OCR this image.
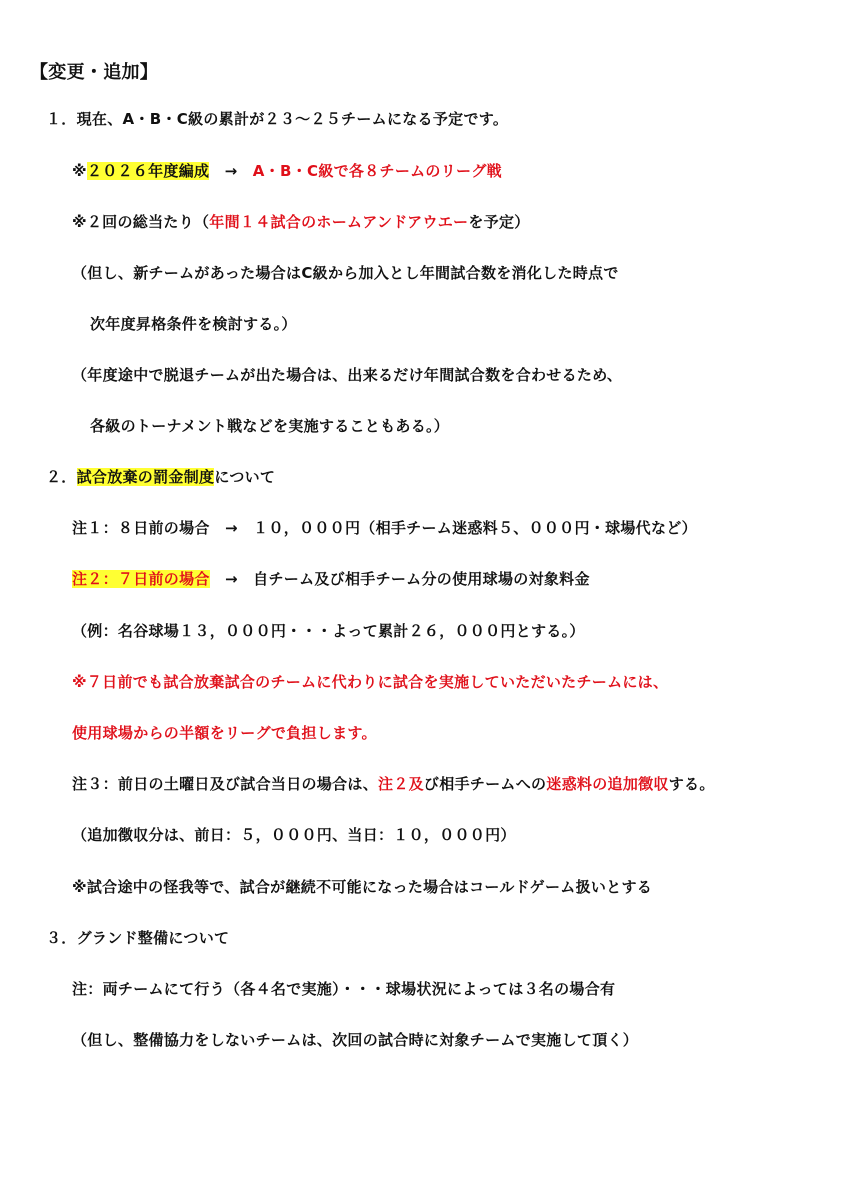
【変更・追加】
１．現在、A・B・C級の累計が２３～２５チームになる予定です。
※２０２６年度編成　→　A・B・C級で各８チームのリーグ戦
※２回の総当たり（年間１４試合のホームアンドアウエーを予定）
（但し、新チームがあった場合はC級から加入とし年間試合数を消化した時点で
次年度昇格条件を検討する。）
（年度途中で脱退チームが出た場合は、出来るだけ年間試合数を合わせるため、
各級のトーナメント戦などを実施することもある。）
２．試合放棄の罰金制度について
注１：８日前の場合　→　１０，０００円（相手チーム迷惑料５、０００円・球場代など）
注２：７日前の場合　→　自チーム及び相手チーム分の使用球場の対象料金
（例：名谷球場１３，０００円・・・よって累計２６，０００円とする。）
※７日前でも試合放棄試合のチームに代わりに試合を実施していただいたチームには、
使用球場からの半額をリーグで負担します。
注３：前日の土曜日及び試合当日の場合は、注２及び相手チームへの迷惑料の追加徴収する。
（追加徴収分は、前日：５，０００円、当日：１０，０００円）
※試合途中の怪我等で、試合が継続不可能になった場合はコールドゲーム扱いとする
３．グランド整備について
注：両チームにて行う（各４名で実施）・・・球場状況によっては３名の場合有
（但し、整備協力をしないチームは、次回の試合時に対象チームで実施して頂く）
